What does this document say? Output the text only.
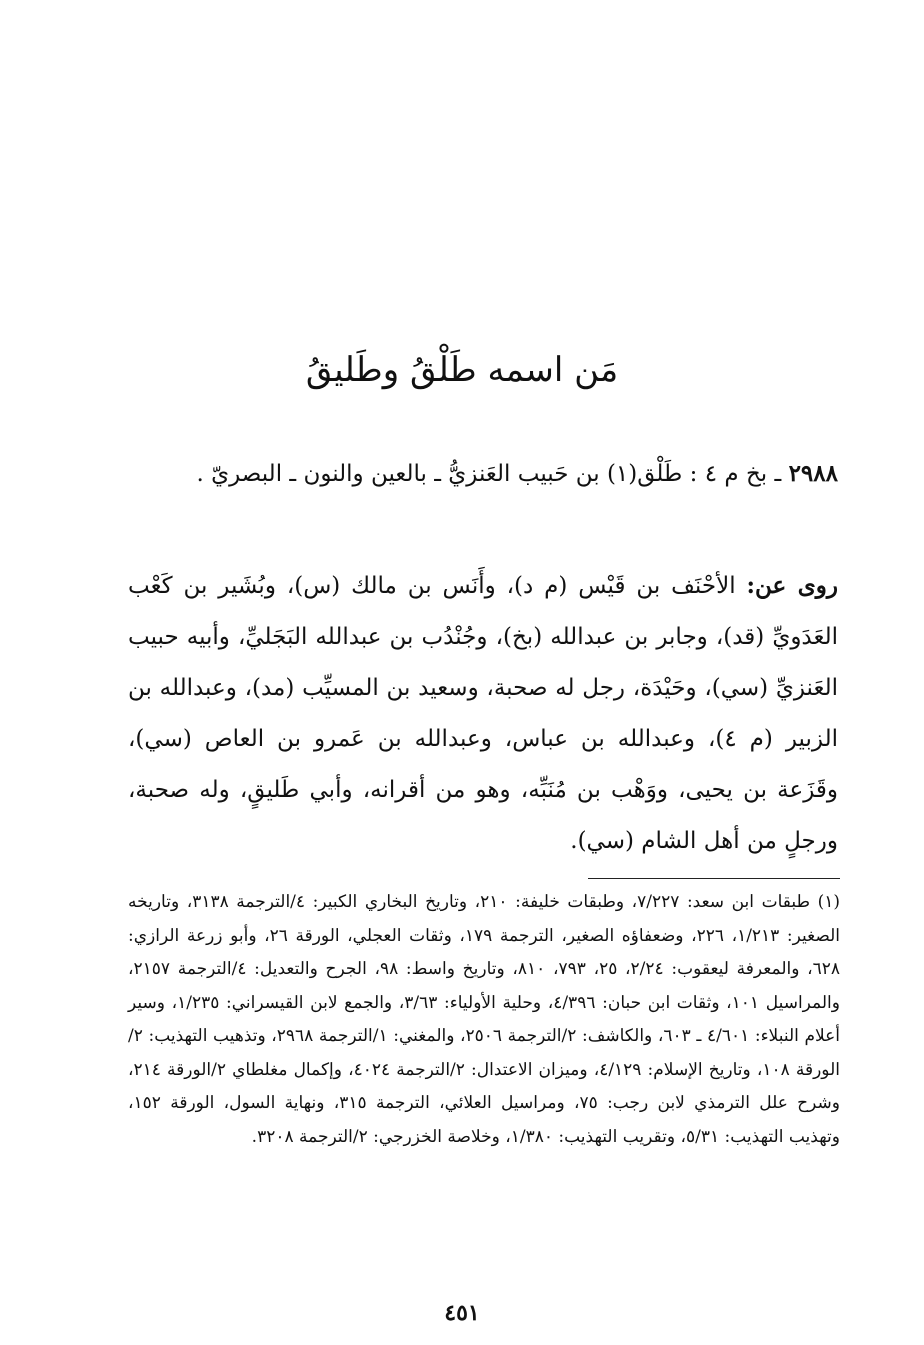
مَن اسمه طَلْقُ وطَليقُ
٢٩٨٨ ـ بخ م ٤ : طَلْق(١) بن حَبيب العَنزيُّ ـ بالعين والنون ـ البصريّ .
روى عن: الأحْنَف بن قَيْس (م د)، وأَنَس بن مالك (س)، وبُشَير بن كَعْب العَدَويِّ (قد)، وجابر بن عبدالله (بخ)، وجُنْدُب بن عبدالله البَجَليِّ، وأبيه حبيب العَنزيِّ (سي)، وحَيْدَة، رجل له صحبة، وسعيد بن المسيِّب (مد)، وعبدالله بن الزبير (م ٤)، وعبدالله بن عباس، وعبدالله بن عَمرو بن العاص (سي)، وقَزَعة بن يحيى، ووَهْب بن مُنَبِّه، وهو من أقرانه، وأبي طَليقٍ، وله صحبة، ورجلٍ من أهل الشام (سي).
(١) طبقات ابن سعد: ٧/٢٢٧، وطبقات خليفة: ٢١٠، وتاريخ البخاري الكبير: ٤/الترجمة ٣١٣٨، وتاريخه الصغير: ١/٢١٣، ٢٢٦، وضعفاؤه الصغير، الترجمة ١٧٩، وثقات العجلي، الورقة ٢٦، وأبو زرعة الرازي: ٦٢٨، والمعرفة ليعقوب: ٢/٢٤، ٢٥، ٧٩٣، ٨١٠، وتاريخ واسط: ٩٨، الجرح والتعديل: ٤/الترجمة ٢١٥٧، والمراسيل ١٠١، وثقات ابن حبان: ٤/٣٩٦، وحلية الأولياء: ٣/٦٣، والجمع لابن القيسراني: ١/٢٣٥، وسير أعلام النبلاء: ٤/٦٠١ ـ ٦٠٣، والكاشف: ٢/الترجمة ٢٥٠٦، والمغني: ١/الترجمة ٢٩٦٨، وتذهيب التهذيب: ٢/الورقة ١٠٨، وتاريخ الإسلام: ٤/١٢٩، وميزان الاعتدال: ٢/الترجمة ٤٠٢٤، وإكمال مغلطاي ٢/الورقة ٢١٤، وشرح علل الترمذي لابن رجب: ٧٥، ومراسيل العلائي، الترجمة ٣١٥، ونهاية السول، الورقة ١٥٢، وتهذيب التهذيب: ٥/٣١، وتقريب التهذيب: ١/٣٨٠، وخلاصة الخزرجي: ٢/الترجمة ٣٢٠٨.
٤٥١
